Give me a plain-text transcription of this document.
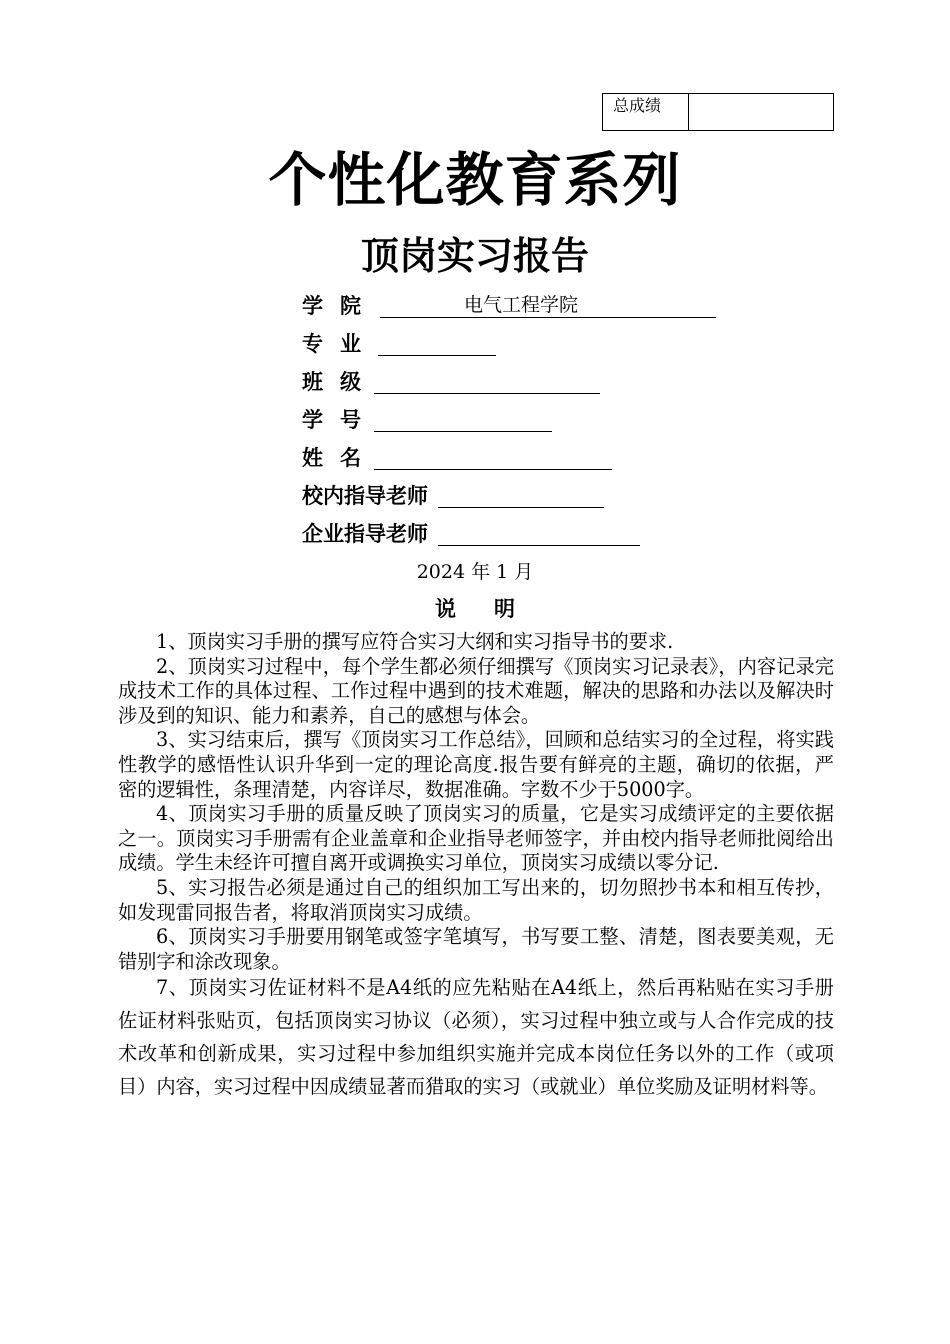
总成绩
个性化教育系列
顶岗实习报告
学院	电气工程学院
专业
班级
学号
姓名
校内指导老师
企业指导老师
2024 年 1 月
说明

1、顶岗实习手册的撰写应符合实习大纲和实习指导书的要求.

2、顶岗实习过程中，每个学生都必须仔细撰写《顶岗实习记录表》，内容记录完成技术工作的具体过程、工作过程中遇到的技术难题，解决的思路和办法以及解决时涉及到的知识、能力和素养，自己的感想与体会。

3、实习结束后，撰写《顶岗实习工作总结》，回顾和总结实习的全过程，将实践性教学的感悟性认识升华到一定的理论高度.报告要有鲜亮的主题，确切的依据，严密的逻辑性，条理清楚，内容详尽，数据准确。字数不少于5000字。

4、顶岗实习手册的质量反映了顶岗实习的质量，它是实习成绩评定的主要依据之一。顶岗实习手册需有企业盖章和企业指导老师签字，并由校内指导老师批阅给出成绩。学生未经许可擅自离开或调换实习单位，顶岗实习成绩以零分记.

5、实习报告必须是通过自己的组织加工写出来的，切勿照抄书本和相互传抄，如发现雷同报告者，将取消顶岗实习成绩。

6、顶岗实习手册要用钢笔或签字笔填写，书写要工整、清楚，图表要美观，无错别字和涂改现象。

7、顶岗实习佐证材料不是A4纸的应先粘贴在A4纸上，然后再粘贴在实习手册佐证材料张贴页，包括顶岗实习协议（必须），实习过程中独立或与人合作完成的技术改革和创新成果，实习过程中参加组织实施并完成本岗位任务以外的工作（或项目）内容，实习过程中因成绩显著而猎取的实习（或就业）单位奖励及证明材料等。
